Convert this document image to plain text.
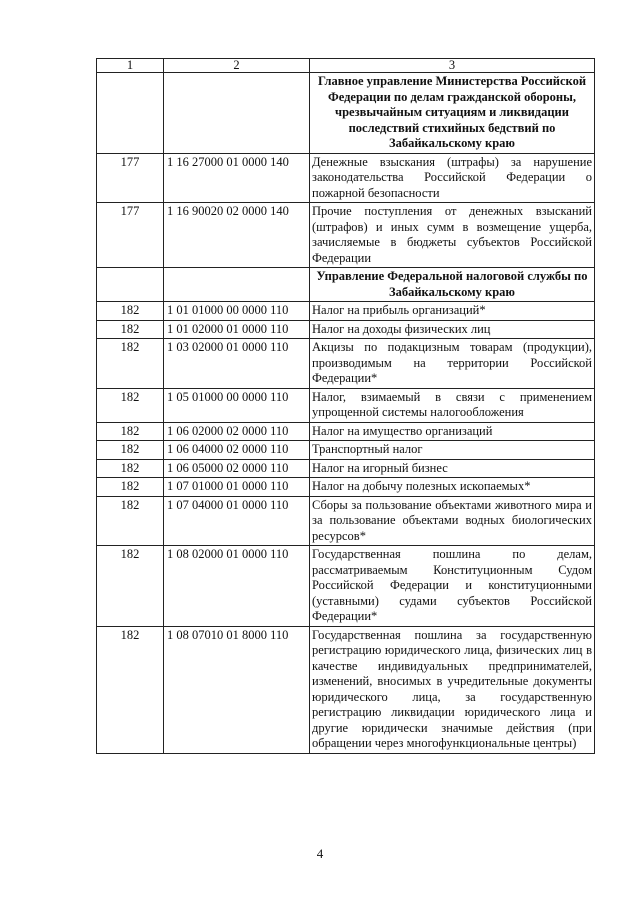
1	2	3
		Главное управление Министерства Российской Федерации по делам гражданской обороны, чрезвычайным ситуациям и ликвидации последствий стихийных бедствий по Забайкальскому краю
177	1 16 27000 01 0000 140	Денежные взыскания (штрафы) за нарушение законодательства Российской Федерации о пожарной безопасности
177	1 16 90020 02 0000 140	Прочие поступления от денежных взысканий (штрафов) и иных сумм в возмещение ущерба, зачисляемые в бюджеты субъектов Российской Федерации
		Управление Федеральной налоговой службы по Забайкальскому краю
182	1 01 01000 00 0000 110	Налог на прибыль организаций*
182	1 01 02000 01 0000 110	Налог на доходы физических лиц
182	1 03 02000 01 0000 110	Акцизы по подакцизным товарам (продукции), производимым на территории Российской Федерации*
182	1 05 01000 00 0000 110	Налог, взимаемый в связи с применением упрощенной системы налогообложения
182	1 06 02000 02 0000 110	Налог на имущество организаций
182	1 06 04000 02 0000 110	Транспортный налог
182	1 06 05000 02 0000 110	Налог на игорный бизнес
182	1 07 01000 01 0000 110	Налог на добычу полезных ископаемых*
182	1 07 04000 01 0000 110	Сборы за пользование объектами животного мира и за пользование объектами водных биологических ресурсов*
182	1 08 02000 01 0000 110	Государственная пошлина по делам, рассматриваемым Конституционным Судом Российской Федерации и конституционными (уставными) судами субъектов Российской Федерации*
182	1 08 07010 01 8000 110	Государственная пошлина за государственную регистрацию юридического лица, физических лиц в качестве индивидуальных предпринимателей, изменений, вносимых в учредительные документы юридического лица, за государственную регистрацию ликвидации юридического лица и другие юридически значимые действия (при обращении через многофункциональные центры)
4
